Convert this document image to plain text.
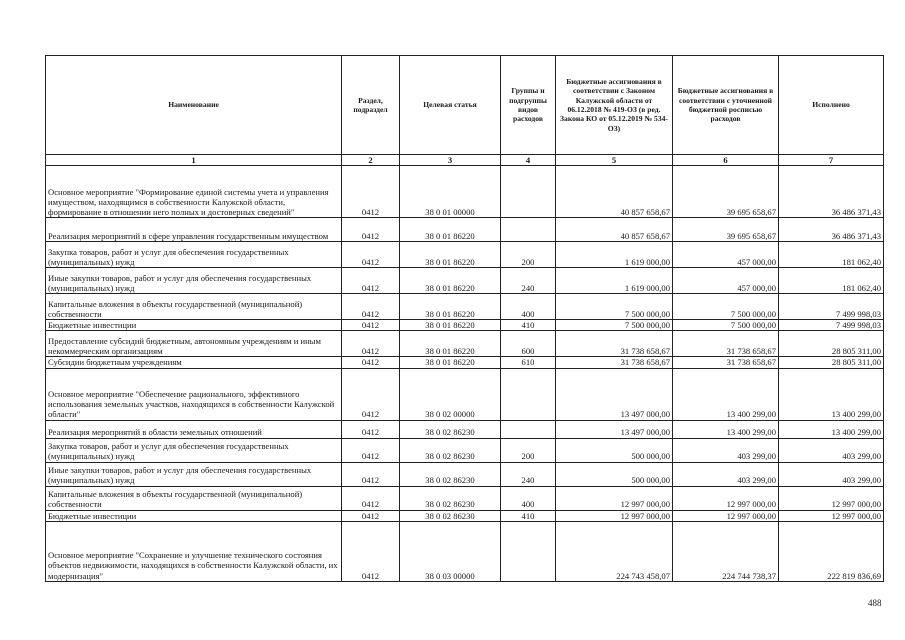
Наименование	Раздел, подраздел	Целевая статья	Группы и подгруппы видов расходов	Бюджетные ассигнования в соответствии с Законом Калужской области от 06.12.2018 № 419-ОЗ (в ред. Закона КО от 05.12.2019 № 534-ОЗ)	Бюджетные ассигнования в соответствии с уточненной бюджетной росписью расходов	Исполнено
1	2	3	4	5	6	7
Основное мероприятие "Формирование единой системы учета и управления имуществом, находящимся в собственности Калужской области, формирование в отношении него полных и достоверных сведений"	0412	38 0 01 00000		40 857 658,67	39 695 658,67	36 486 371,43
Реализация мероприятий в сфере управления государственным имуществом	0412	38 0 01 86220		40 857 658,67	39 695 658,67	36 486 371,43
Закупка товаров, работ и услуг для обеспечения государственных (муниципальных) нужд	0412	38 0 01 86220	200	1 619 000,00	457 000,00	181 062,40
Иные закупки товаров, работ и услуг для обеспечения государственных (муниципальных) нужд	0412	38 0 01 86220	240	1 619 000,00	457 000,00	181 062,40
Капитальные вложения в объекты государственной (муниципальной) собственности	0412	38 0 01 86220	400	7 500 000,00	7 500 000,00	7 499 998,03
Бюджетные инвестиции	0412	38 0 01 86220	410	7 500 000,00	7 500 000,00	7 499 998,03
Предоставление субсидий бюджетным, автономным учреждениям и иным некоммерческим организациям	0412	38 0 01 86220	600	31 738 658,67	31 738 658,67	28 805 311,00
Субсидии бюджетным учреждениям	0412	38 0 01 86220	610	31 738 658,67	31 738 658,67	28 805 311,00
Основное мероприятие "Обеспечение рационального, эффективного использования земельных участков, находящихся в собственности Калужской области"	0412	38 0 02 00000		13 497 000,00	13 400 299,00	13 400 299,00
Реализация мероприятий в области земельных отношений	0412	38 0 02 86230		13 497 000,00	13 400 299,00	13 400 299,00
Закупка товаров, работ и услуг для обеспечения государственных (муниципальных) нужд	0412	38 0 02 86230	200	500 000,00	403 299,00	403 299,00
Иные закупки товаров, работ и услуг для обеспечения государственных (муниципальных) нужд	0412	38 0 02 86230	240	500 000,00	403 299,00	403 299,00
Капитальные вложения в объекты государственной (муниципальной) собственности	0412	38 0 02 86230	400	12 997 000,00	12 997 000,00	12 997 000,00
Бюджетные инвестиции	0412	38 0 02 86230	410	12 997 000,00	12 997 000,00	12 997 000,00
Основное мероприятие "Сохранение и улучшение технического состояния объектов недвижимости, находящихся в собственности Калужской области, их модернизация"	0412	38 0 03 00000		224 743 458,07	224 744 738,37	222 819 836,69
488
